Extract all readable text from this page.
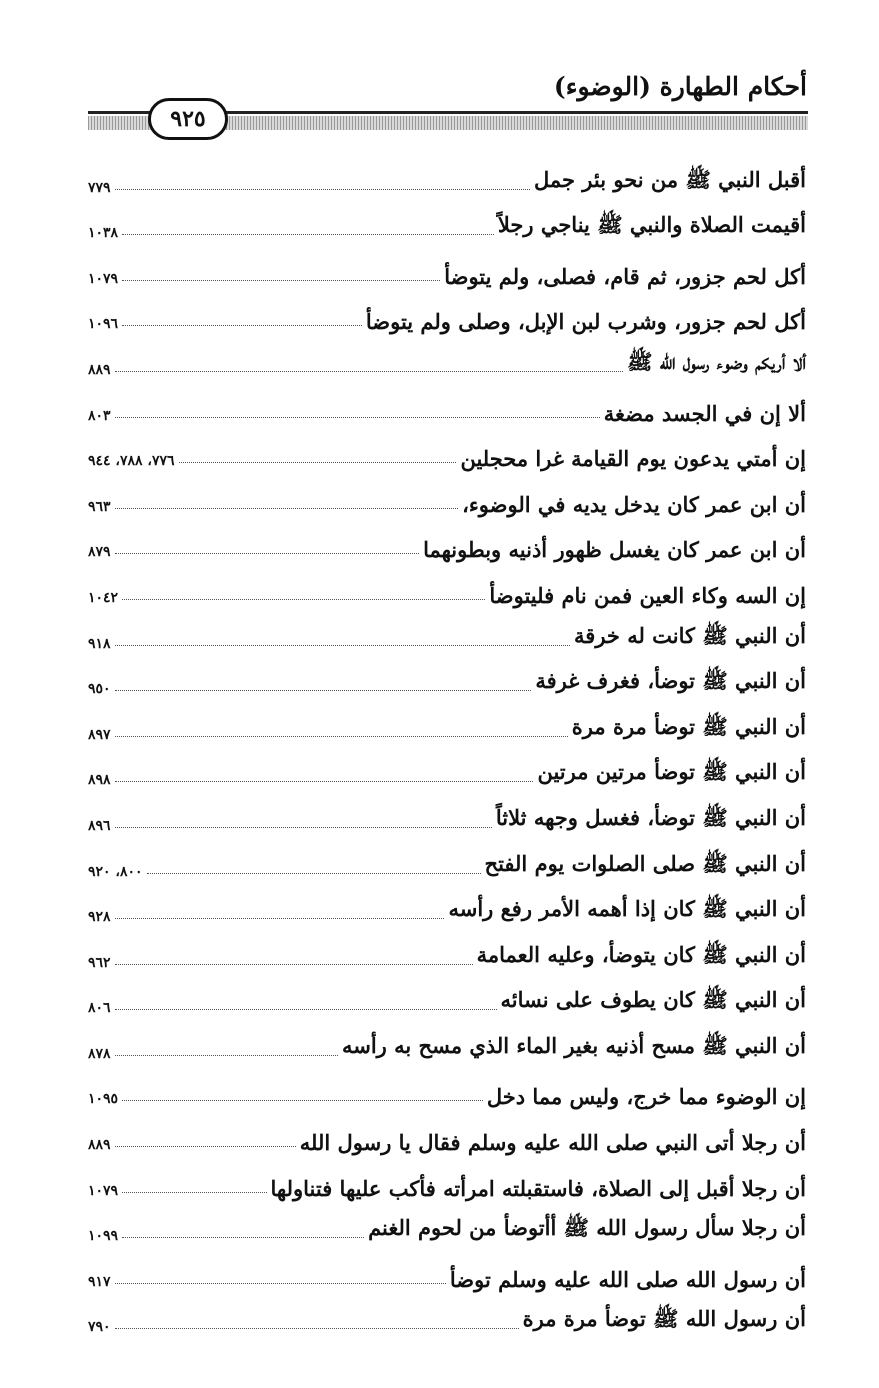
أحكام الطهارة (الوضوء)
٩٢٥
أقبل النبي ﷺ من نحو بئر جمل
٧٧٩
أقيمت الصلاة والنبي ﷺ يناجي رجلاً
١٠٣٨
أكل لحم جزور، ثم قام، فصلى، ولم يتوضأ
١٠٧٩
أكل لحم جزور، وشرب لبن الإبل، وصلى ولم يتوضأ
١٠٩٦
ألا أريكم وضوء رسول الله ﷺ
٨٨٩
ألا إن في الجسد مضغة
٨٠٣
إن أمتي يدعون يوم القيامة غرا محجلين
٧٧٦، ٧٨٨، ٩٤٤
أن ابن عمر كان يدخل يديه في الوضوء،
٩٦٣
أن ابن عمر كان يغسل ظهور أذنيه وبطونهما
٨٧٩
إن السه وكاء العين فمن نام فليتوضأ
١٠٤٢
أن النبي ﷺ كانت له خرقة
٩١٨
أن النبي ﷺ توضأ، فغرف غرفة
٩٥٠
أن النبي ﷺ توضأ مرة مرة
٨٩٧
أن النبي ﷺ توضأ مرتين مرتين
٨٩٨
أن النبي ﷺ توضأ، فغسل وجهه ثلاثاً
٨٩٦
أن النبي ﷺ صلى الصلوات يوم الفتح
٨٠٠، ٩٢٠
أن النبي ﷺ كان إذا أهمه الأمر رفع رأسه
٩٢٨
أن النبي ﷺ كان يتوضأ، وعليه العمامة
٩٦٢
أن النبي ﷺ كان يطوف على نسائه
٨٠٦
أن النبي ﷺ مسح أذنيه بغير الماء الذي مسح به رأسه
٨٧٨
إن الوضوء مما خرج، وليس مما دخل
١٠٩٥
أن رجلا أتى النبي صلى الله عليه وسلم فقال يا رسول الله
٨٨٩
أن رجلا أقبل إلى الصلاة، فاستقبلته امرأته فأكب عليها فتناولها
١٠٧٩
أن رجلا سأل رسول الله ﷺ أأتوضأ من لحوم الغنم
١٠٩٩
أن رسول الله صلى الله عليه وسلم توضأ
٩١٧
أن رسول الله ﷺ توضأ مرة مرة
٧٩٠
